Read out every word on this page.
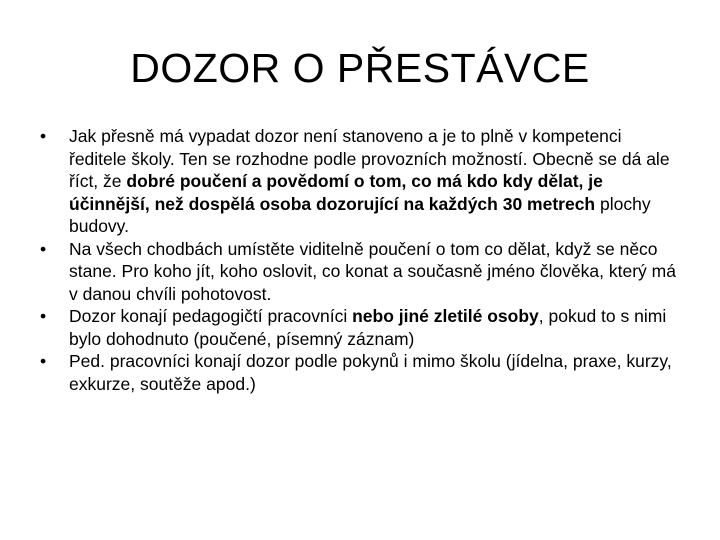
DOZOR O PŘESTÁVCE
•	Jak přesně má vypadat dozor není stanoveno a je to plně v kompetenci ředitele školy. Ten se rozhodne podle provozních možností. Obecně se dá ale říct, že dobré poučení a povědomí o tom, co má kdo kdy dělat, je účinnější, než dospělá osoba dozorující na každých 30 metrech plochy budovy.
•	Na všech chodbách umístěte viditelně poučení o tom co dělat, když se něco stane. Pro koho jít, koho oslovit, co konat a současně jméno člověka, který má v danou chvíli pohotovost.
•	Dozor konají pedagogičtí pracovníci nebo jiné zletilé osoby, pokud to s nimi bylo dohodnuto (poučené, písemný záznam)
•	Ped. pracovníci konají dozor podle pokynů i mimo školu (jídelna, praxe, kurzy, exkurze, soutěže apod.)
